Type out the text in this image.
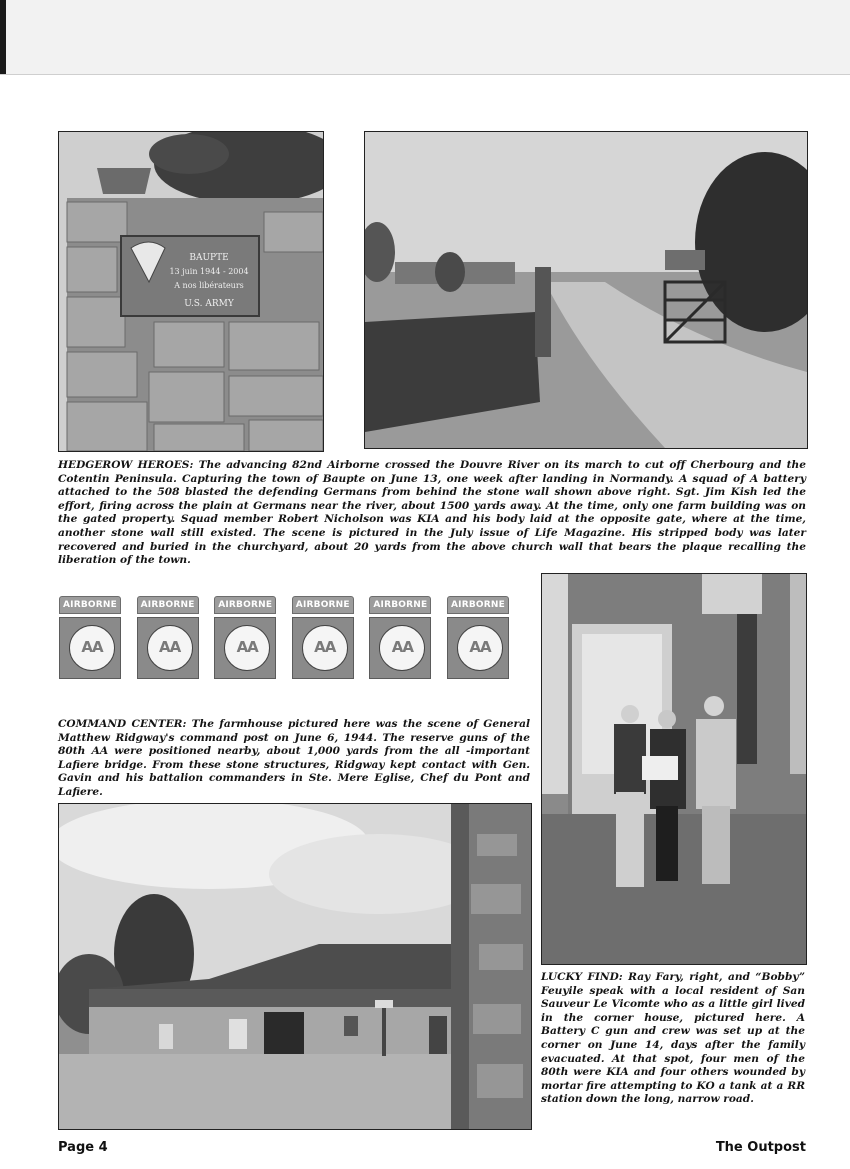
BAUPTE
13 juin 1944 - 2004
A nos libérateurs
U.S. ARMY
HEDGEROW HEROES: The advancing 82nd Airborne crossed the Douvre River on its march to cut off Cherbourg and the Cotentin Peninsula. Capturing the town of Baupte on June 13, one week after landing in Normandy. A squad of A battery attached to the 508 blasted the defending Germans from behind the stone wall shown above right. Sgt. Jim Kish led the effort, firing across the plain at Germans near the river, about 1500 yards away. At the time, only one farm building was on the gated property. Squad member Robert Nicholson was KIA and his body laid at the opposite gate, where at the time, another stone wall still existed. The scene is pictured in the July issue of Life Magazine. His stripped body was later recovered and buried in the churchyard, about 20 yards from the above church wall that bears the plaque recalling the liberation of the town.
AIRBORNE
AA
AIRBORNE
AA
AIRBORNE
AA
AIRBORNE
AA
AIRBORNE
AA
AIRBORNE
AA
COMMAND CENTER: The farmhouse pictured here was the scene of General Matthew Ridgway's command post on June 6, 1944. The reserve guns of the 80th AA were positioned nearby, about 1,000 yards from the all -important Lafiere bridge. From these stone structures, Ridgway kept contact with Gen. Gavin and his battalion commanders in Ste. Mere Eglise, Chef du Pont and Lafiere.
LUCKY FIND: Ray Fary, right, and “Bobby” Feuyile speak with a local resident of San Sauveur Le Vicomte who as a little girl lived in the corner house, pictured here. A Battery C gun and crew was set up at the corner on June 14, days after the family evacuated. At that spot, four men of the 80th were KIA and four others wounded by mortar fire attempting to KO a tank at a RR station down the long, narrow road.
Page 4	The Outpost
